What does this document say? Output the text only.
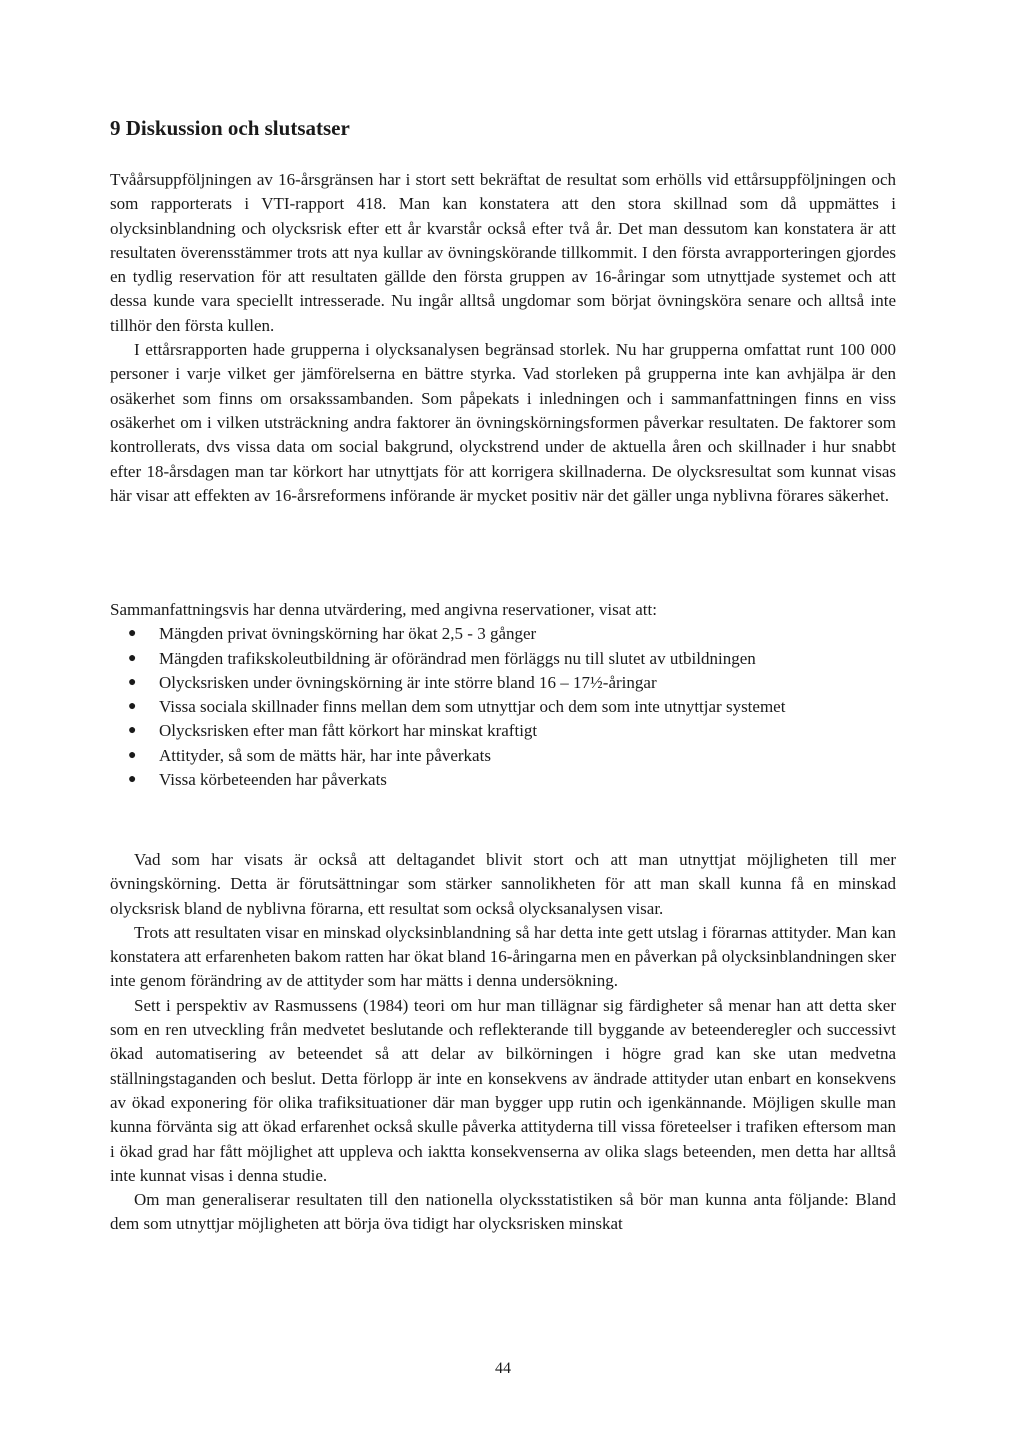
9 Diskussion och slutsatser

Tvåårsuppföljningen av 16-årsgränsen har i stort sett bekräftat de resultat som erhölls vid ettårsuppföljningen och som rapporterats i VTI-rapport 418. Man kan konstatera att den stora skillnad som då uppmättes i olycksinblandning och olycksrisk efter ett år kvarstår också efter två år. Det man dessutom kan konstatera är att resultaten överensstämmer trots att nya kullar av övningskörande tillkommit. I den första avrapporteringen gjordes en tydlig reservation för att resultaten gällde den första gruppen av 16-åringar som utnyttjade systemet och att dessa kunde vara speciellt intresserade. Nu ingår alltså ungdomar som börjat övningsköra senare och alltså inte tillhör den första kullen.

I ettårsrapporten hade grupperna i olycksanalysen begränsad storlek. Nu har grupperna omfattat runt 100 000 personer i varje vilket ger jämförelserna en bättre styrka. Vad storleken på grupperna inte kan avhjälpa är den osäkerhet som finns om orsakssambanden. Som påpekats i inledningen och i sammanfattningen finns en viss osäkerhet om i vilken utsträckning andra faktorer än övningskörningsformen påverkar resultaten. De faktorer som kontrollerats, dvs vissa data om social bakgrund, olyckstrend under de aktuella åren och skillnader i hur snabbt efter 18-årsdagen man tar körkort har utnyttjats för att korrigera skillnaderna. De olycksresultat som kunnat visas här visar att effekten av 16-årsreformens införande är mycket positiv när det gäller unga nyblivna förares säkerhet.

Sammanfattningsvis har denna utvärdering, med angivna reservationer, visat att:

● Mängden privat övningskörning har ökat 2,5 - 3 gånger
● Mängden trafikskoleutbildning är oförändrad men förläggs nu till slutet av utbildningen
● Olycksrisken under övningskörning är inte större bland 16 – 17½-åringar
● Vissa sociala skillnader finns mellan dem som utnyttjar och dem som inte utnyttjar systemet
● Olycksrisken efter man fått körkort har minskat kraftigt
● Attityder, så som de mätts här, har inte påverkats
● Vissa körbeteenden har påverkats

Vad som har visats är också att deltagandet blivit stort och att man utnyttjat möjligheten till mer övningskörning. Detta är förutsättningar som stärker sannolikheten för att man skall kunna få en minskad olycksrisk bland de nyblivna förarna, ett resultat som också olycksanalysen visar.

Trots att resultaten visar en minskad olycksinblandning så har detta inte gett utslag i förarnas attityder. Man kan konstatera att erfarenheten bakom ratten har ökat bland 16-åringarna men en påverkan på olycksinblandningen sker inte genom förändring av de attityder som har mätts i denna undersökning.

Sett i perspektiv av Rasmussens (1984) teori om hur man tillägnar sig färdigheter så menar han att detta sker som en ren utveckling från medvetet beslutande och reflekterande till byggande av beteenderegler och successivt ökad automatisering av beteendet så att delar av bilkörningen i högre grad kan ske utan medvetna ställningstaganden och beslut. Detta förlopp är inte en konsekvens av ändrade attityder utan enbart en konsekvens av ökad exponering för olika trafiksituationer där man bygger upp rutin och igenkännande. Möjligen skulle man kunna förvänta sig att ökad erfarenhet också skulle påverka attityderna till vissa företeelser i trafiken eftersom man i ökad grad har fått möjlighet att uppleva och iaktta konsekvenserna av olika slags beteenden, men detta har alltså inte kunnat visas i denna studie.

Om man generaliserar resultaten till den nationella olycksstatistiken så bör man kunna anta följande: Bland dem som utnyttjar möjligheten att börja öva tidigt har olycksrisken minskat

44
